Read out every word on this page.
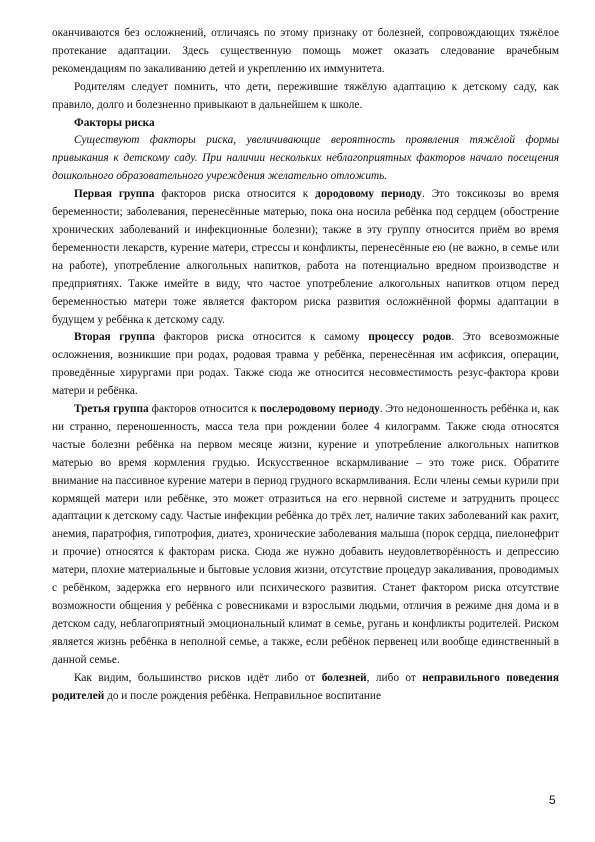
оканчиваются без осложнений, отличаясь по этому признаку от болезней, сопровождающих тяжёлое протекание адаптации. Здесь существенную помощь может оказать следование врачебным рекомендациям по закаливанию детей и укреплению их иммунитета.

Родителям следует помнить, что дети, пережившие тяжёлую адаптацию к детскому саду, как правило, долго и болезненно привыкают в дальнейшем к школе.

Факторы риска

Существуют факторы риска, увеличивающие вероятность проявления тяжёлой формы привыкания к детскому саду. При наличии нескольких неблагоприятных факторов начало посещения дошкольного образовательного учреждения желательно отложить.

Первая группа факторов риска относится к дородовому периоду. Это токсикозы во время беременности; заболевания, перенесённые матерью, пока она носила ребёнка под сердцем (обострение хронических заболеваний и инфекционные болезни); также в эту группу относится приём во время беременности лекарств, курение матери, стрессы и конфликты, перенесённые ею (не важно, в семье или на работе), употребление алкогольных напитков, работа на потенциально вредном производстве и предприятиях. Также имейте в виду, что частое употребление алкогольных напитков отцом перед беременностью матери тоже является фактором риска развития осложнённой формы адаптации в будущем у ребёнка к детскому саду.

Вторая группа факторов риска относится к самому процессу родов. Это всевозможные осложнения, возникшие при родах, родовая травма у ребёнка, перенесённая им асфиксия, операции, проведённые хирургами при родах. Также сюда же относится несовместимость резус-фактора крови матери и ребёнка.

Третья группа факторов относится к послеродовому периоду. Это недоношенность ребёнка и, как ни странно, переношенность, масса тела при рождении более 4 килограмм. Также сюда относятся частые болезни ребёнка на первом месяце жизни, курение и употребление алкогольных напитков матерью во время кормления грудью. Искусственное вскармливание – это тоже риск. Обратите внимание на пассивное курение матери в период грудного вскармливания. Если члены семьи курили при кормящей матери или ребёнке, это может отразиться на его нервной системе и затруднить процесс адаптации к детскому саду. Частые инфекции ребёнка до трёх лет, наличие таких заболеваний как рахит, анемия, паратрофия, гипотрофия, диатез, хронические заболевания малыша (порок сердца, пиелонефрит и прочие) относятся к факторам риска. Сюда же нужно добавить неудовлетворённость и депрессию матери, плохие материальные и бытовые условия жизни, отсутствие процедур закаливания, проводимых с ребёнком, задержка его нервного или психического развития. Станет фактором риска отсутствие возможности общения у ребёнка с ровесниками и взрослыми людьми, отличия в режиме дня дома и в детском саду, неблагоприятный эмоциональный климат в семье, ругань и конфликты родителей. Риском является жизнь ребёнка в неполной семье, а также, если ребёнок первенец или вообще единственный в данной семье.

Как видим, большинство рисков идёт либо от болезней, либо от неправильного поведения родителей до и после рождения ребёнка. Неправильное воспитание

5
